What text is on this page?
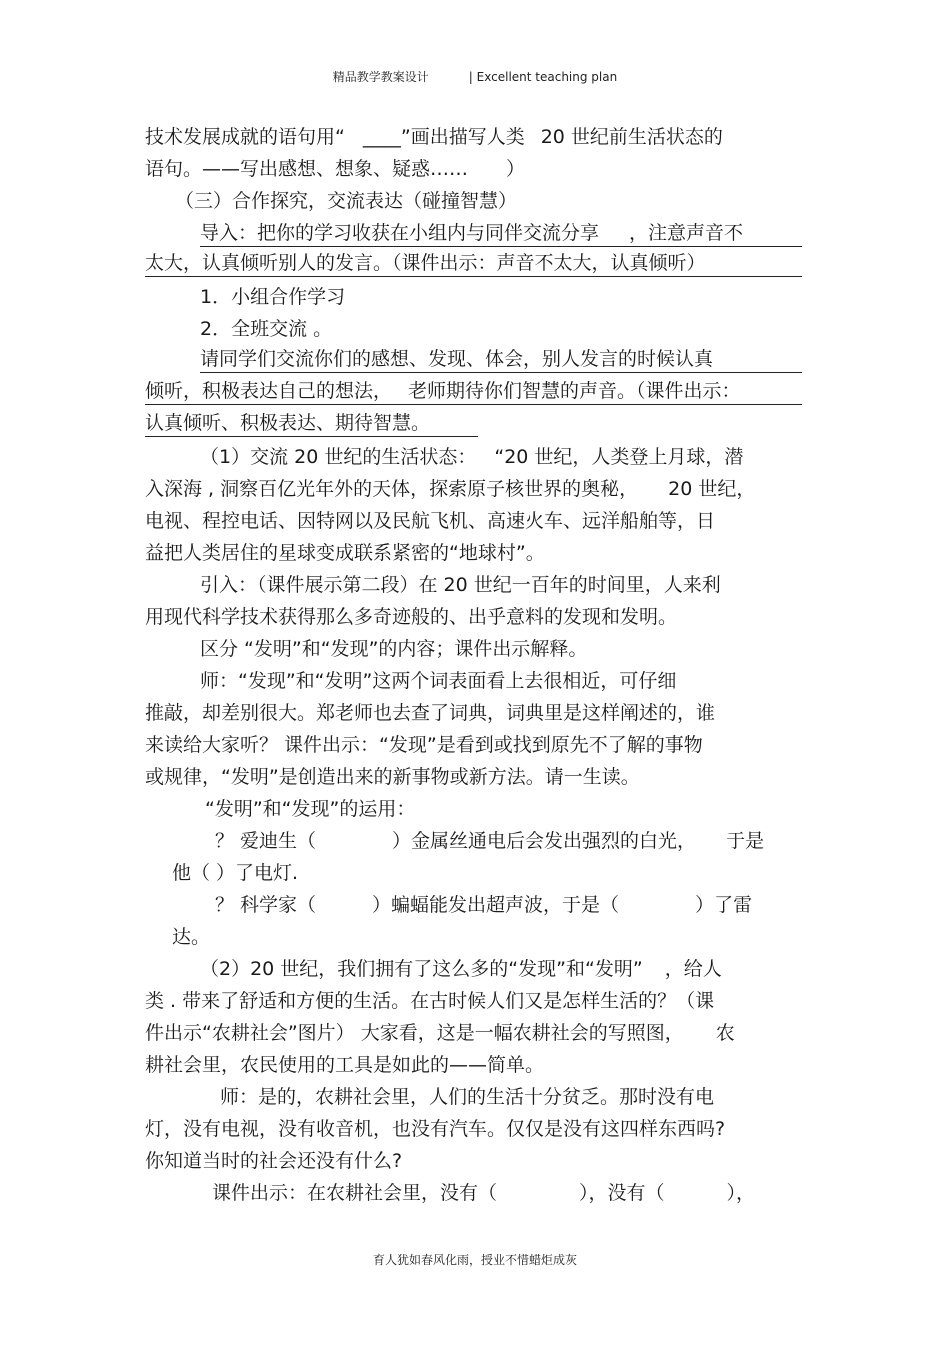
精品教学教案设计	| Excellent teaching plan
技术发展成就的语句用“ ____”画出描写人类 20 世纪前生活状态的
语句。——写出感想、想象、疑惑…… ）
（三）合作探究，交流表达（碰撞智慧）
导入：把你的学习收获在小组内与同伴交流分享 ，注意声音不
太大，认真倾听别人的发言。（课件出示：声音不太大，认真倾听）
1．小组合作学习
2．全班交流 。
请同学们交流你们的感想、发现、体会，别人发言的时候认真
倾听，积极表达自己的想法， 老师期待你们智慧的声音。（课件出示：
认真倾听、积极表达、期待智慧。
（1）交流 20 世纪的生活状态： “20 世纪，人类登上月球，潜
入深海 , 洞察百亿光年外的天体，探索原子核世界的奥秘， 20 世纪，
电视、程控电话、因特网以及民航飞机、高速火车、远洋船舶等，日
益把人类居住的星球变成联系紧密的“地球村”。
引入：（课件展示第二段）在 20 世纪一百年的时间里，人来利
用现代科学技术获得那么多奇迹般的、出乎意料的发现和发明。
区分 “发明”和“发现”的内容；课件出示解释。
师：“发现”和“发明”这两个词表面看上去很相近，可仔细
推敲，却差别很大。郑老师也去查了词典，词典里是这样阐述的，谁
来读给大家听？ 课件出示：“发现”是看到或找到原先不了解的事物
或规律，“发明”是创造出来的新事物或新方法。请一生读。
“发明”和“发现”的运用：
？ 爱迪生（	）金属丝通电后会发出强烈的白光， 于是
他（ ）了电灯.
？ 科学家（	）蝙蝠能发出超声波，于是（	）了雷
达。
（2）20 世纪，我们拥有了这么多的“发现”和“发明” ，给人
类 . 带来了舒适和方便的生活。在古时候人们又是怎样生活的？（课
件出示“农耕社会”图片） 大家看，这是一幅农耕社会的写照图， 农
耕社会里，农民使用的工具是如此的——简单。
师：是的，农耕社会里，人们的生活十分贫乏。那时没有电
灯，没有电视，没有收音机，也没有汽车。仅仅是没有这四样东西吗?
你知道当时的社会还没有什么?
课件出示：在农耕社会里，没有（	），没有（	），
育人犹如春风化雨，授业不惜蜡炬成灰
